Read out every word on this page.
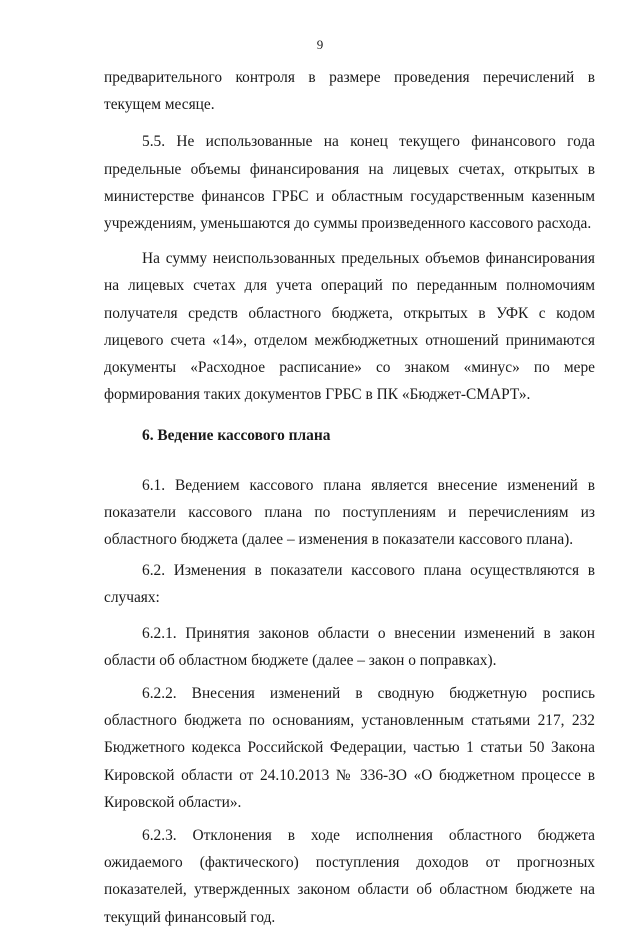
9

предварительного контроля в размере проведения перечислений в текущем месяце.

5.5. Не использованные на конец текущего финансового года предельные объемы финансирования на лицевых счетах, открытых в министерстве финансов ГРБС и областным государственным казенным учреждениям, уменьшаются до суммы произведенного кассового расхода.

На сумму неиспользованных предельных объемов финансирования на лицевых счетах для учета операций по переданным полномочиям получателя средств областного бюджета, открытых в УФК с кодом лицевого счета «14», отделом межбюджетных отношений принимаются документы «Расходное расписание» со знаком «минус» по мере формирования таких документов ГРБС в ПК «Бюджет-СМАРТ».

6. Ведение кассового плана

6.1. Ведением кассового плана является внесение изменений в показатели кассового плана по поступлениям и перечислениям из областного бюджета (далее – изменения в показатели кассового плана).

6.2. Изменения в показатели кассового плана осуществляются в случаях:

6.2.1. Принятия законов области о внесении изменений в закон области об областном бюджете (далее – закон о поправках).

6.2.2. Внесения изменений в сводную бюджетную роспись областного бюджета по основаниям, установленным статьями 217, 232 Бюджетного кодекса Российской Федерации, частью 1 статьи 50 Закона Кировской области от 24.10.2013 № 336-ЗО «О бюджетном процессе в Кировской области».

6.2.3. Отклонения в ходе исполнения областного бюджета ожидаемого (фактического) поступления доходов от прогнозных показателей, утвержденных законом области об областном бюджете на текущий финансовый год.
